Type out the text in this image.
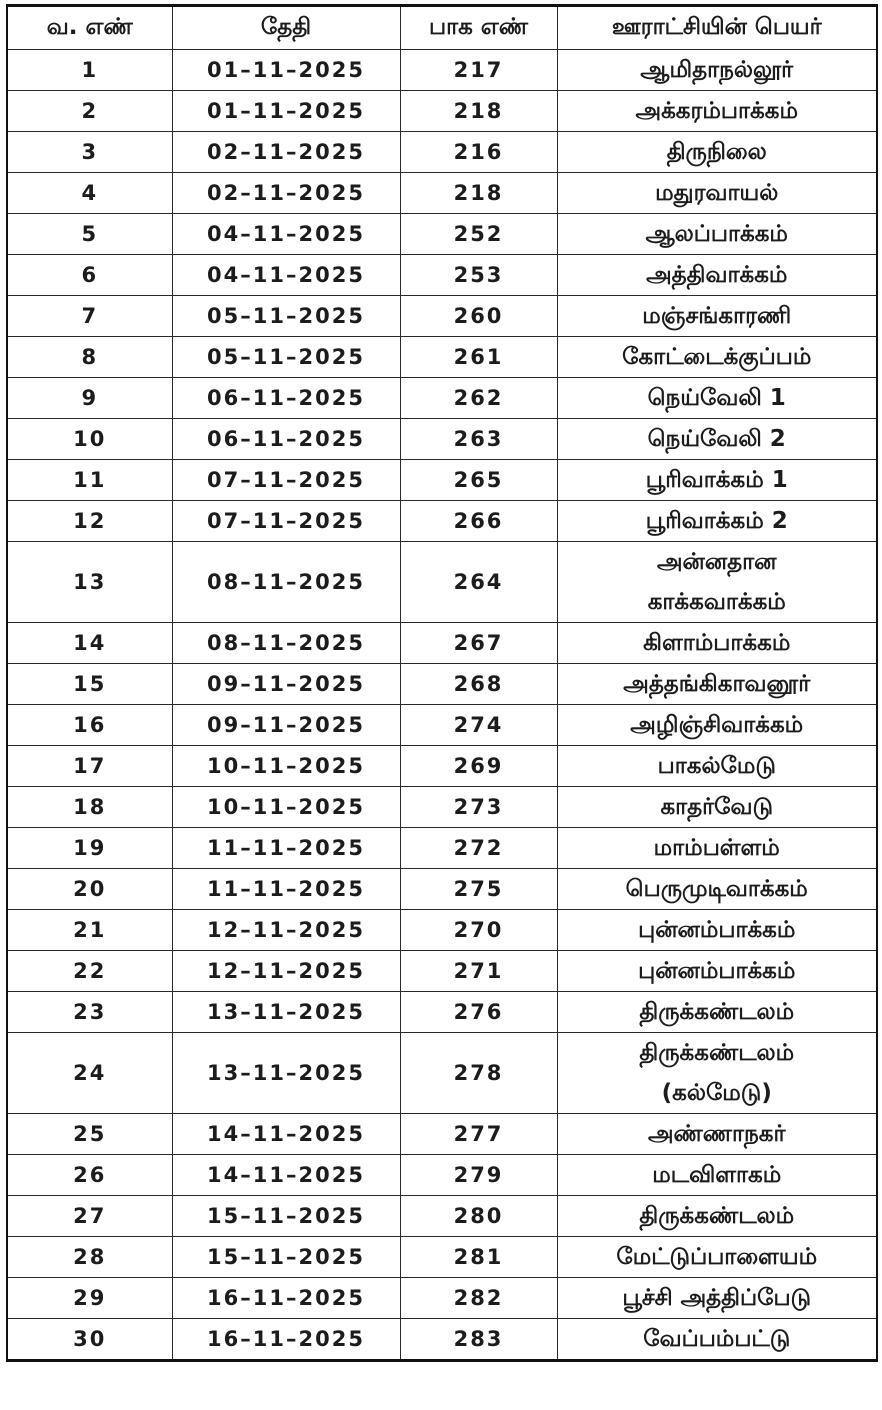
வ. எண்	தேதி	பாக எண்	ஊராட்சியின் பெயர்
1	01–11–2025	217	ஆமிதாநல்லூர்

2	01–11–2025	218	அக்கரம்பாக்கம்

3	02–11–2025	216	திருநிலை

4	02–11–2025	218	மதுரவாயல்

5	04–11–2025	252	ஆலப்பாக்கம்

6	04–11–2025	253	அத்திவாக்கம்

7	05–11–2025	260	மஞ்சங்காரணி

8	05–11–2025	261	கோட்டைக்குப்பம்

9	06–11–2025	262	நெய்வேலி 1

10	06–11–2025	263	நெய்வேலி 2

11	07–11–2025	265	பூரிவாக்கம் 1

12	07–11–2025	266	பூரிவாக்கம் 2

13	08–11–2025	264	அன்னதான
காக்கவாக்கம்

14	08–11–2025	267	கிளாம்பாக்கம்

15	09–11–2025	268	அத்தங்கிகாவனூர்

16	09–11–2025	274	அழிஞ்சிவாக்கம்

17	10–11–2025	269	பாகல்மேடு

18	10–11–2025	273	காதர்வேடு

19	11–11–2025	272	மாம்பள்ளம்

20	11–11–2025	275	பெருமுடிவாக்கம்

21	12–11–2025	270	புன்னம்பாக்கம்

22	12–11–2025	271	புன்னம்பாக்கம்

23	13–11–2025	276	திருக்கண்டலம்

24	13–11–2025	278	திருக்கண்டலம்
(கல்மேடு)

25	14–11–2025	277	அண்ணாநகர்

26	14–11–2025	279	மடவிளாகம்

27	15–11–2025	280	திருக்கண்டலம்

28	15–11–2025	281	மேட்டுப்பாளையம்

29	16–11–2025	282	பூச்சி அத்திப்பேடு

30	16–11–2025	283	வேப்பம்பட்டு
